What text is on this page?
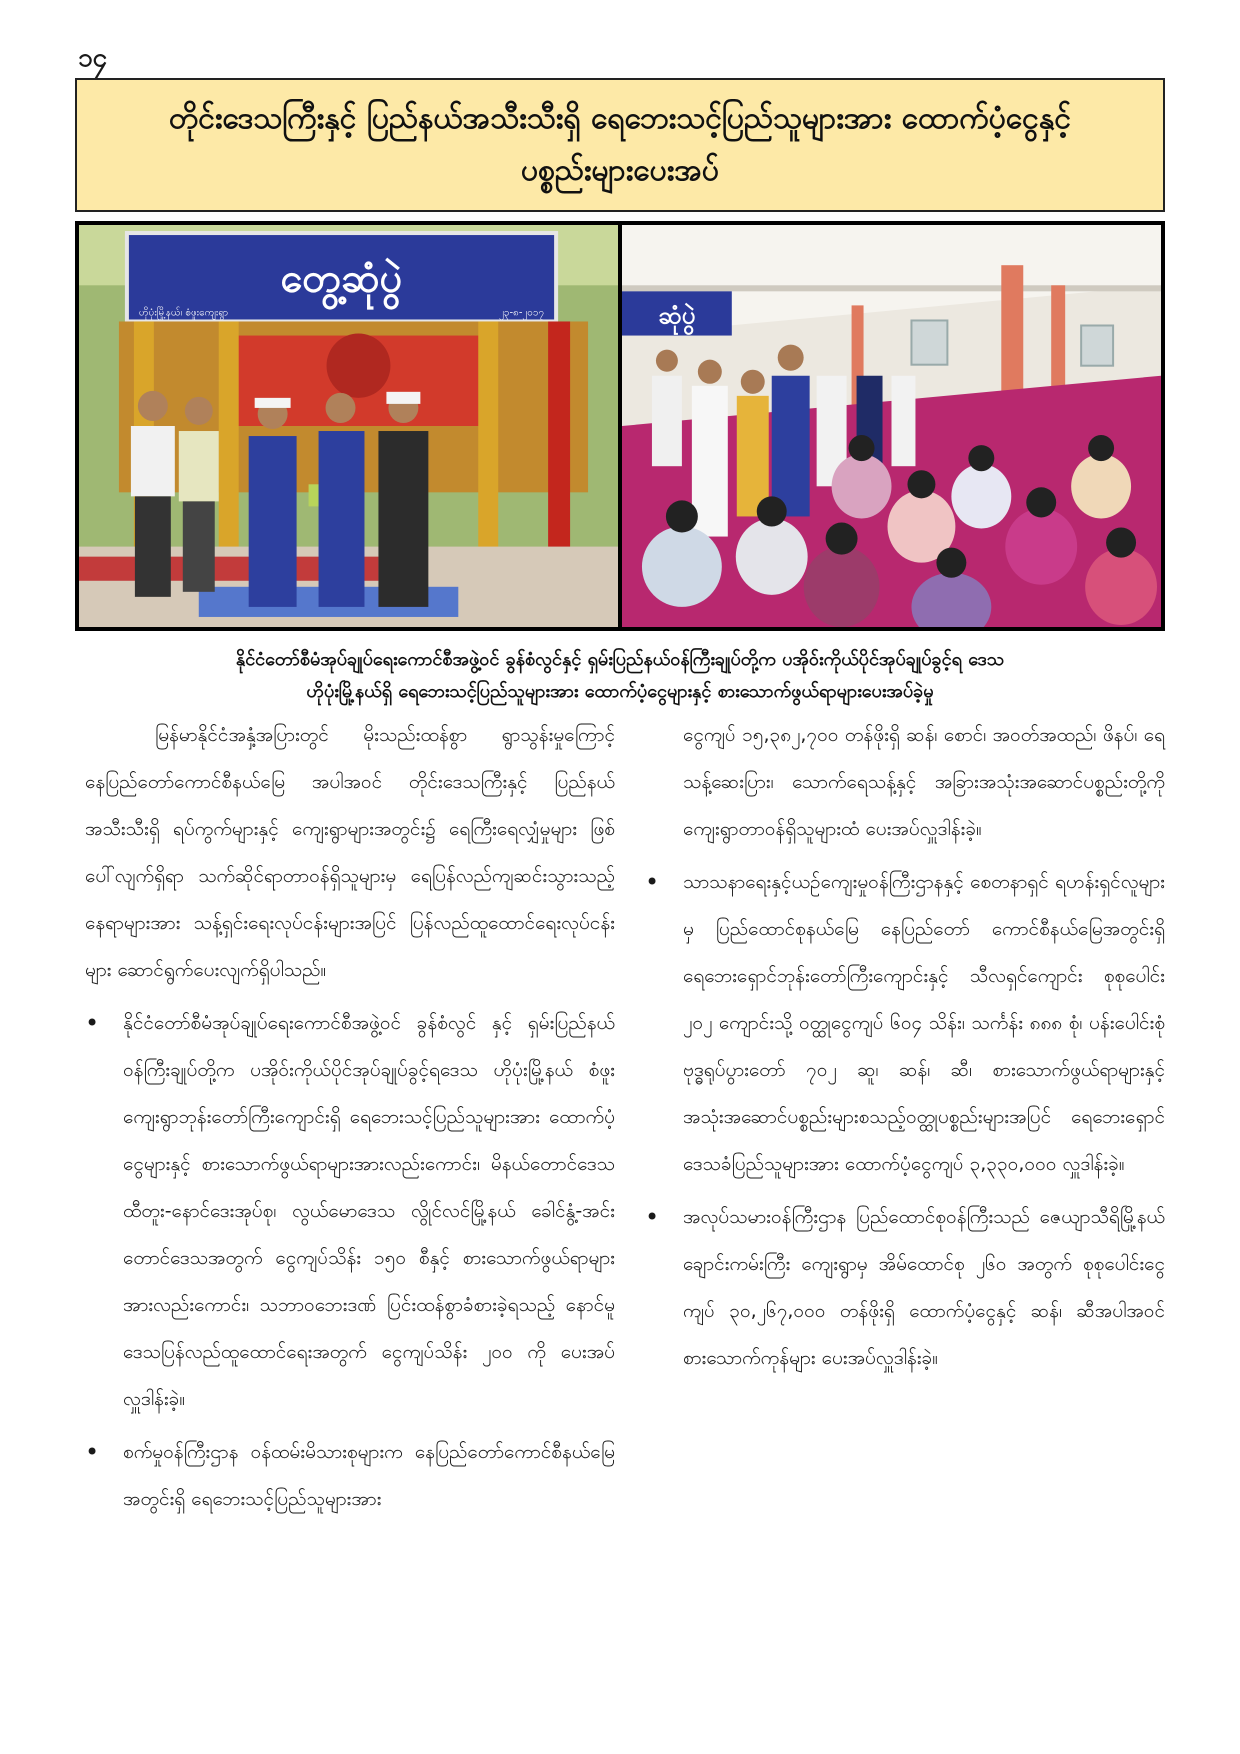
၁၄
တိုင်းဒေသကြီးနှင့် ပြည်နယ်အသီးသီးရှိ ရေဘေးသင့်ပြည်သူများအား ထောက်ပံ့ငွေနှင့်
ပစ္စည်းများပေးအပ်
တွေ့ဆုံပွဲ
ဟိုပုံးမြို့နယ်၊ စံဖူးကျေးရွာ	၂၃-၈-၂၀၁၇	ဆုံပွဲ
နိုင်ငံတော်စီမံအုပ်ချုပ်ရေးကောင်စီအဖွဲ့ဝင် ခွန်စံလွင်နှင့် ရှမ်းပြည်နယ်ဝန်ကြီးချုပ်တို့က ပအိုဝ်းကိုယ်ပိုင်အုပ်ချုပ်ခွင့်ရ ဒေသ
ဟိုပုံးမြို့နယ်ရှိ ရေဘေးသင့်ပြည်သူများအား ထောက်ပံ့ငွေများနှင့် စားသောက်ဖွယ်ရာများပေးအပ်ခဲ့မှု

မြန်မာနိုင်ငံအနှံ့အပြားတွင် မိုးသည်းထန်စွာ ရွာသွန်းမှုကြောင့် နေပြည်တော်ကောင်စီနယ်မြေ အပါအဝင် တိုင်းဒေသကြီးနှင့် ပြည်နယ်အသီးသီးရှိ ရပ်ကွက်များနှင့် ကျေးရွာများအတွင်း၌ ရေကြီးရေလျှံမှုများ ဖြစ်ပေါ်လျက်ရှိရာ သက်ဆိုင်ရာတာဝန်ရှိသူများမှ ရေပြန်လည်ကျဆင်းသွားသည့် နေရာများအား သန့်ရှင်းရေးလုပ်ငန်းများအပြင် ပြန်လည်ထူထောင်ရေးလုပ်ငန်းများ ဆောင်ရွက်ပေးလျက်ရှိပါသည်။

• နိုင်ငံတော်စီမံအုပ်ချုပ်ရေးကောင်စီအဖွဲ့ဝင် ခွန်စံလွင် နှင့် ရှမ်းပြည်နယ်ဝန်ကြီးချုပ်တို့က ပအိုဝ်းကိုယ်ပိုင်အုပ်ချုပ်ခွင့်ရဒေသ ဟိုပုံးမြို့နယ် စံဖူးကျေးရွာဘုန်းတော်ကြီးကျောင်းရှိ ရေဘေးသင့်ပြည်သူများအား ထောက်ပံ့ငွေများနှင့် စားသောက်ဖွယ်ရာများအားလည်းကောင်း၊ မိနယ်တောင်ဒေသ ထီတူး-နောင်ဒေးအုပ်စု၊ လွယ်မောဒေသ လွိုင်လင်မြို့နယ် ခေါင်နွံ့-အင်းတောင်ဒေသအတွက် ငွေကျပ်သိန်း ၁၅၀ စီနှင့် စားသောက်ဖွယ်ရာများအားလည်းကောင်း၊ သဘာဝဘေးဒဏ် ပြင်းထန်စွာခံစားခဲ့ရသည့် နောင်မူဒေသပြန်လည်ထူထောင်ရေးအတွက် ငွေကျပ်သိန်း ၂၀၀ ကို ပေးအပ်လှူဒါန်းခဲ့။

• စက်မှုဝန်ကြီးဌာန ဝန်ထမ်းမိသားစုများက နေပြည်တော်ကောင်စီနယ်မြေအတွင်းရှိ ရေဘေးသင့်ပြည်သူများအား

ငွေကျပ် ၁၅,၃၈၂,၇၀၀ တန်ဖိုးရှိ ဆန်၊ စောင်၊ အဝတ်အထည်၊ ဖိနပ်၊ ရေသန့်ဆေးပြား၊ သောက်ရေသန့်နှင့် အခြားအသုံးအဆောင်ပစ္စည်းတို့ကို ကျေးရွာတာဝန်ရှိသူများထံ ပေးအပ်လှူဒါန်းခဲ့။

• သာသနာရေးနှင့်ယဉ်ကျေးမှုဝန်ကြီးဌာနနှင့် စေတနာရှင် ရဟန်းရှင်လူများမှ ပြည်ထောင်စုနယ်မြေ နေပြည်တော် ကောင်စီနယ်မြေအတွင်းရှိ ရေဘေးရှောင်ဘုန်းတော်ကြီးကျောင်းနှင့် သီလရှင်ကျောင်း စုစုပေါင်း ၂၀၂ ကျောင်းသို့ ဝတ္ထုငွေကျပ် ၆၀၄ သိန်း၊ သင်္ကန်း ၈၈၈ စုံ၊ ပန်းပေါင်းစုံဗုဒ္ဓရုပ်ပွားတော် ၇၀၂ ဆူ၊ ဆန်၊ ဆီ၊ စားသောက်ဖွယ်ရာများနှင့် အသုံးအဆောင်ပစ္စည်းများစသည့်ဝတ္ထုပစ္စည်းများအပြင် ရေဘေးရှောင်ဒေသခံပြည်သူများအား ထောက်ပံ့ငွေကျပ် ၃,၃၃၀,၀၀၀ လှူဒါန်းခဲ့။

• အလုပ်သမားဝန်ကြီးဌာန ပြည်ထောင်စုဝန်ကြီးသည် ဇေယျာသီရိမြို့နယ် ချောင်းကမ်းကြီး ကျေးရွာမှ အိမ်ထောင်စု ၂၆၀ အတွက် စုစုပေါင်းငွေကျပ် ၃၀,၂၆၇,၀၀၀ တန်ဖိုးရှိ ထောက်ပံ့ငွေနှင့် ဆန်၊ ဆီအပါအဝင် စားသောက်ကုန်များ ပေးအပ်လှူဒါန်းခဲ့။
